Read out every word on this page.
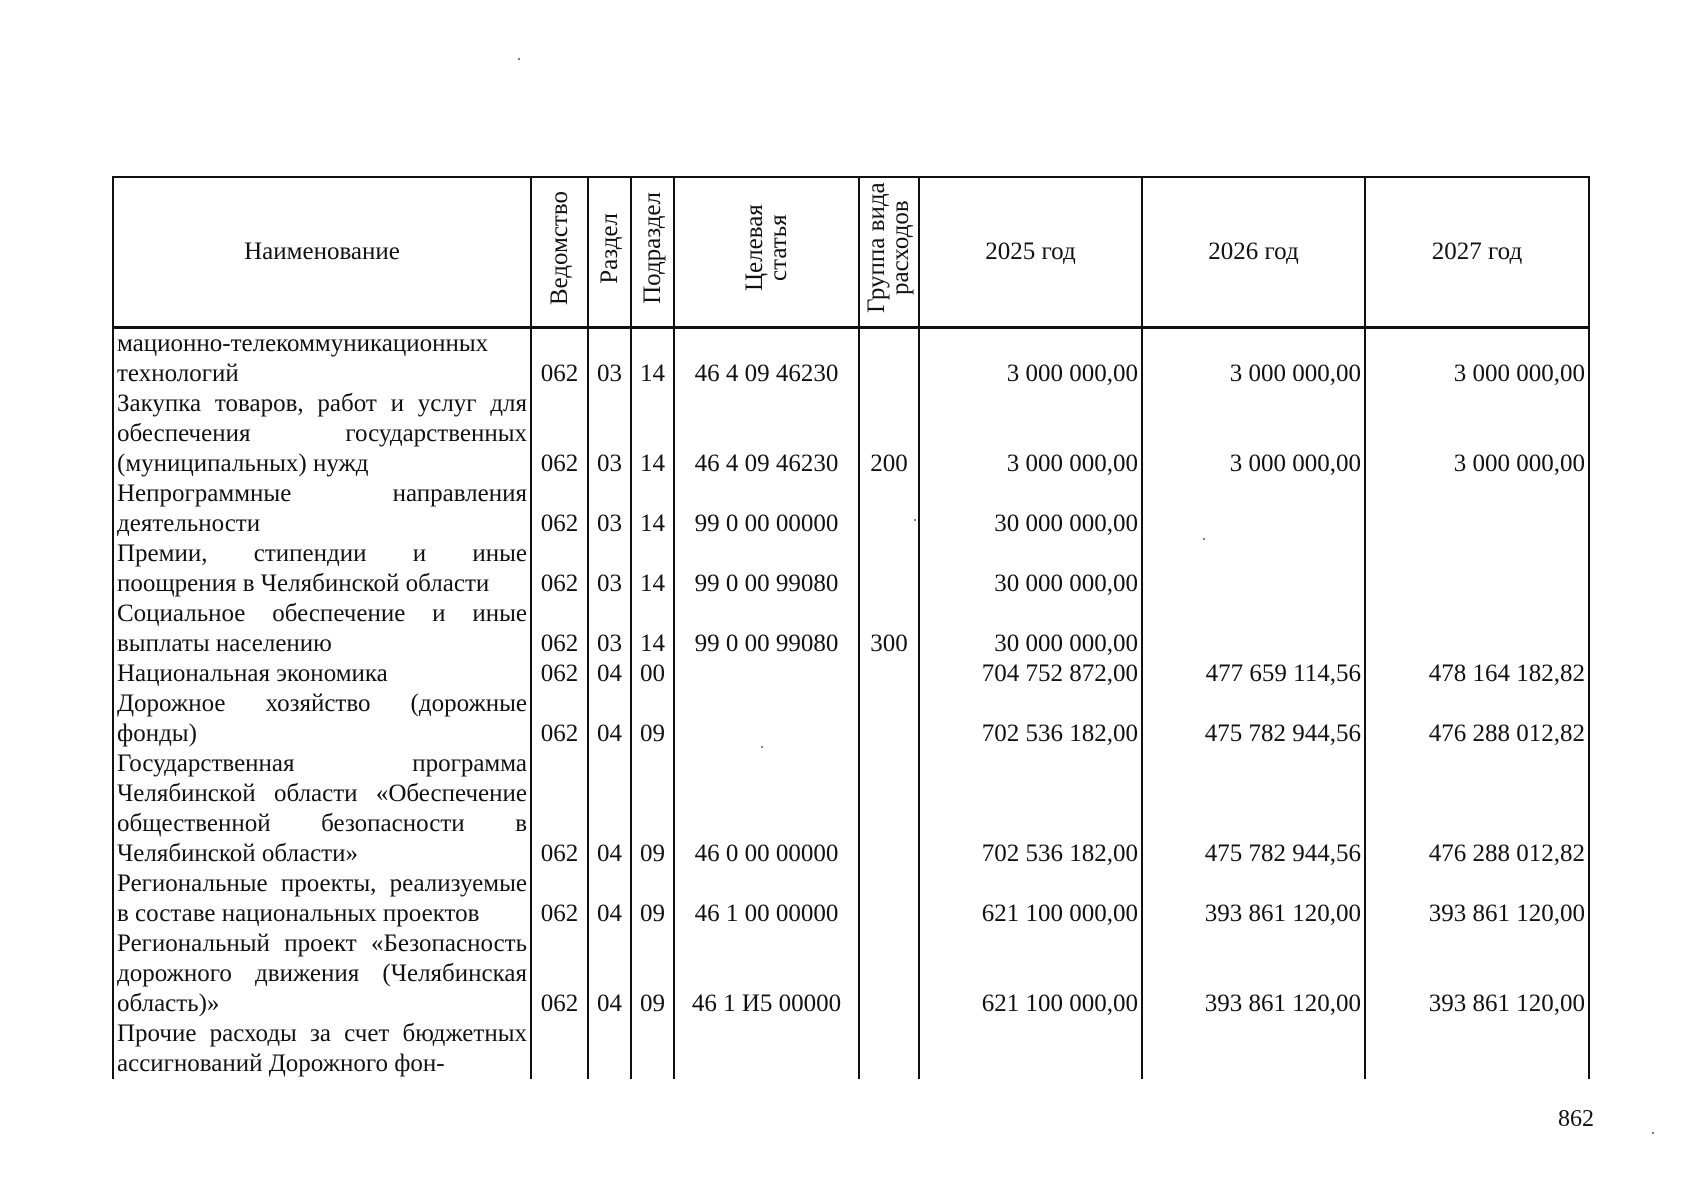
Наименование	Ведомство	Раздел	Подраздел	Целевая статья	Группа вида расходов	2025 год	2026 год	2027 год
мационно-телекоммуникационных технологий	062	03	14	46 4 09 46230		3 000 000,00	3 000 000,00	3 000 000,00
Закупка товаров, работ и услуг для обеспечения государственных (муниципальных) нужд	062	03	14	46 4 09 46230	200	3 000 000,00	3 000 000,00	3 000 000,00
Непрограммные направления деятельности	062	03	14	99 0 00 00000		30 000 000,00		
Премии, стипендии и иные поощрения в Челябинской области	062	03	14	99 0 00 99080		30 000 000,00		
Социальное обеспечение и иные выплаты населению	062	03	14	99 0 00 99080	300	30 000 000,00		
Национальная экономика	062	04	00			704 752 872,00	477 659 114,56	478 164 182,82
Дорожное хозяйство (дорожные фонды)	062	04	09			702 536 182,00	475 782 944,56	476 288 012,82
Государственная программа Челябинской области «Обеспечение общественной безопасности в Челябинской области»	062	04	09	46 0 00 00000		702 536 182,00	475 782 944,56	476 288 012,82
Региональные проекты, реализуемые в составе национальных проектов	062	04	09	46 1 00 00000		621 100 000,00	393 861 120,00	393 861 120,00
Региональный проект «Безопасность дорожного движения (Челябинская область)»	062	04	09	46 1 И5 00000		621 100 000,00	393 861 120,00	393 861 120,00
Прочие расходы за счет бюджетных ассигнований Дорожного фон-								
862
